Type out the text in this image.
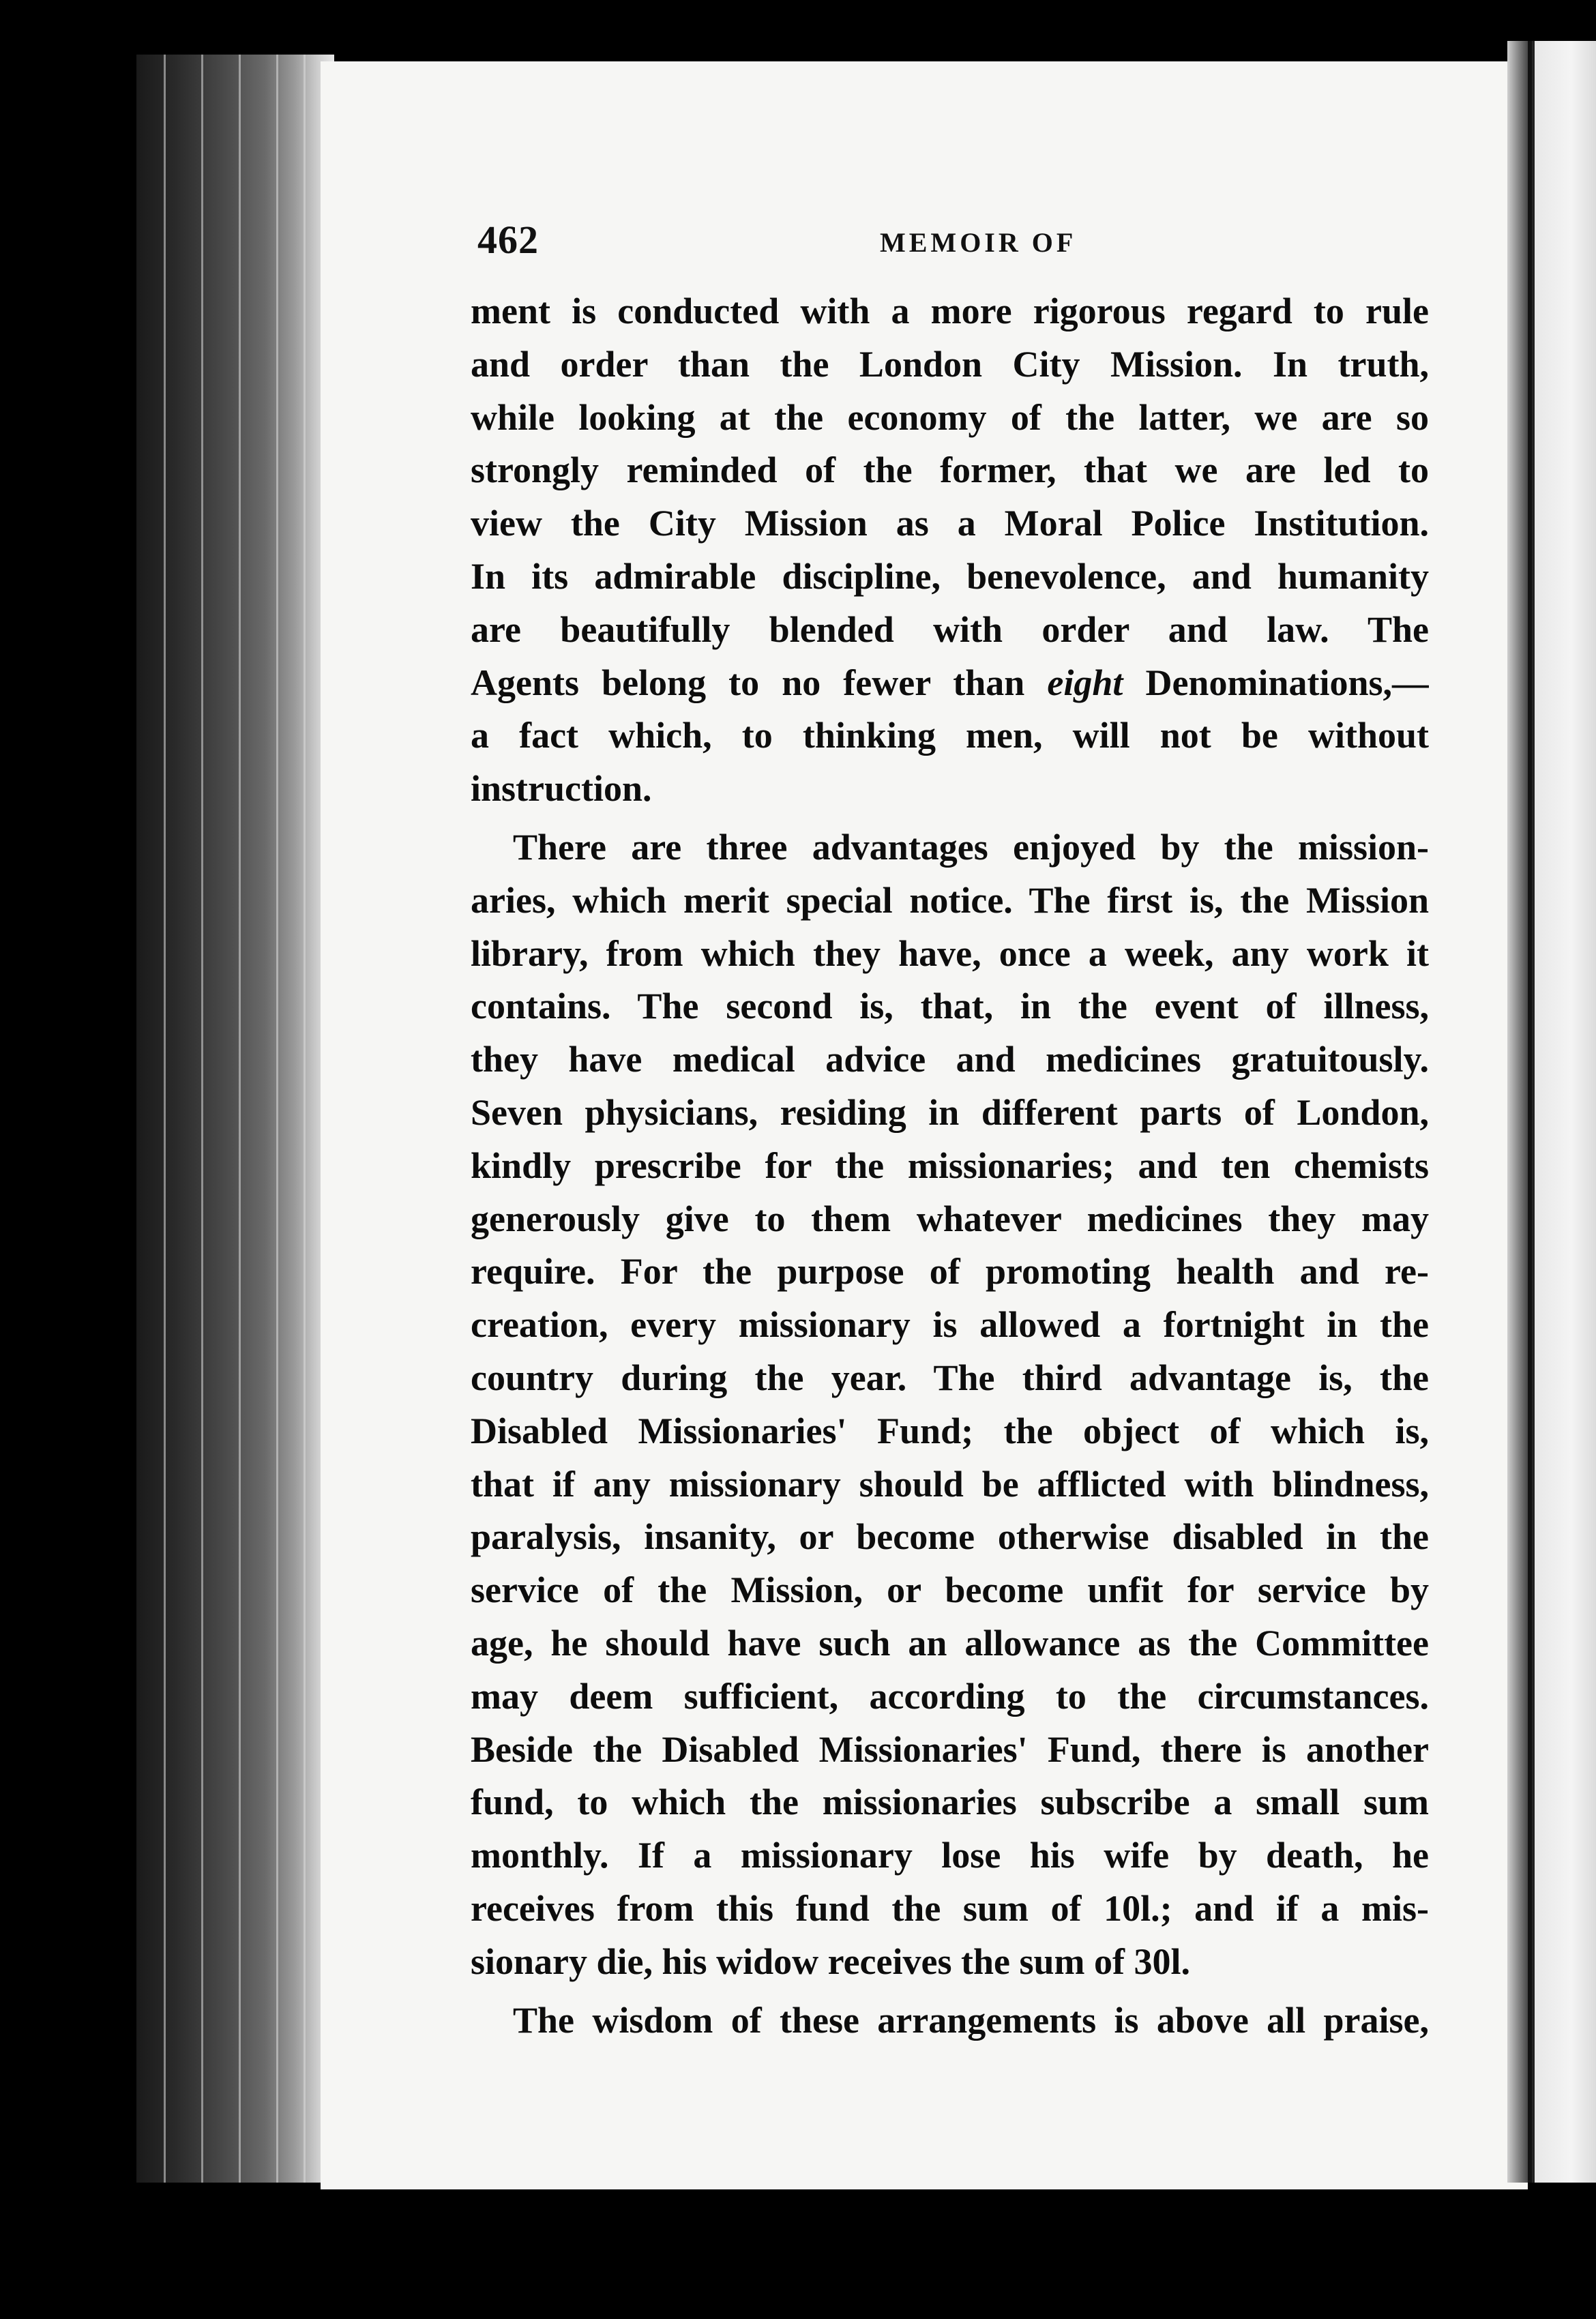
462	MEMOIR OF
ment is conducted with a more rigorous regard to rule
and order than the London City Mission. In truth,
while looking at the economy of the latter, we are so
strongly reminded of the former, that we are led to
view the City Mission as a Moral Police Institution.
In its admirable discipline, benevolence, and humanity
are beautifully blended with order and law. The
Agents belong to no fewer than eight Denominations,—
a fact which, to thinking men, will not be without
instruction.
There are three advantages enjoyed by the mission-
aries, which merit special notice. The first is, the Mission
library, from which they have, once a week, any work it
contains. The second is, that, in the event of illness,
they have medical advice and medicines gratuitously.
Seven physicians, residing in different parts of London,
kindly prescribe for the missionaries; and ten chemists
generously give to them whatever medicines they may
require. For the purpose of promoting health and re-
creation, every missionary is allowed a fortnight in the
country during the year. The third advantage is, the
Disabled Missionaries' Fund; the object of which is,
that if any missionary should be afflicted with blindness,
paralysis, insanity, or become otherwise disabled in the
service of the Mission, or become unfit for service by
age, he should have such an allowance as the Committee
may deem sufficient, according to the circumstances.
Beside the Disabled Missionaries' Fund, there is another
fund, to which the missionaries subscribe a small sum
monthly. If a missionary lose his wife by death, he
receives from this fund the sum of 10l.; and if a mis-
sionary die, his widow receives the sum of 30l.
The wisdom of these arrangements is above all praise,
